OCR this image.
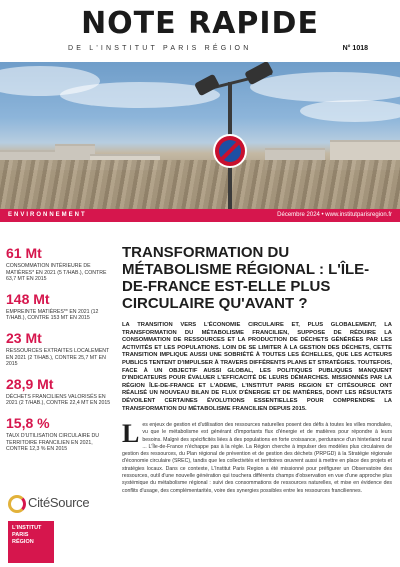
NOTE RAPIDE
DE L'INSTITUT PARIS RÉGION	N° 1018
ENVIRONNEMENT	Décembre 2024 • www.institutparisregion.fr
61 Mt
CONSOMMATION INTÉRIEURE DE MATIÈRES* EN 2021 (5 T/HAB.), CONTRE 63,7 MT EN 2015
148 Mt
EMPREINTE MATIÈRES** EN 2021 (12 T/HAB.), CONTRE 153 MT EN 2015
23 Mt
RESSOURCES EXTRAITES LOCALEMENT EN 2021 (2 T/HAB.), CONTRE 25,7 MT EN 2015
28,9 Mt
DÉCHETS FRANCILIENS VALORISÉS EN 2021 (2 T/HAB.), CONTRE 22,4 MT EN 2015
15,8 %
TAUX D'UTILISATION CIRCULAIRE DU TERRITOIRE FRANCILIEN EN 2021, CONTRE 12,3 % EN 2015
CitéSource
L'INSTITUT
PARIS
RÉGION
TRANSFORMATION DU MÉTABOLISME RÉGIONAL : L'ÎLE-DE-FRANCE EST-ELLE PLUS CIRCULAIRE QU'AVANT ?

LA TRANSITION VERS L'ÉCONOMIE CIRCULAIRE ET, PLUS GLOBALEMENT, LA TRANSFORMATION DU MÉTABOLISME FRANCILIEN, SUPPOSE DE RÉDUIRE LA CONSOMMATION DE RESSOURCES ET LA PRODUCTION DE DÉCHETS GÉNÉRÉES PAR LES ACTIVITÉS ET LES POPULATIONS. LOIN DE SE LIMITER À LA GESTION DES DÉCHETS, CETTE TRANSITION IMPLIQUE AUSSI UNE SOBRIÉTÉ À TOUTES LES ÉCHELLES, QUE LES ACTEURS PUBLICS TENTENT D'IMPULSER À TRAVERS DIFFÉRENTS PLANS ET STRATÉGIES. TOUTEFOIS, FACE À UN OBJECTIF AUSSI GLOBAL, LES POLITIQUES PUBLIQUES MANQUENT D'INDICATEURS POUR ÉVALUER L'EFFICACITÉ DE LEURS DÉMARCHES. MISSIONNÉS PAR LA RÉGION ÎLE-DE-FRANCE ET L'ADEME, L'INSTITUT PARIS REGION ET CITÉSOURCE ONT RÉALISÉ UN NOUVEAU BILAN DE FLUX D'ÉNERGIE ET DE MATIÈRES, DONT LES RÉSULTATS DÉVOILENT CERTAINES ÉVOLUTIONS ESSENTIELLES POUR COMPRENDRE LA TRANSFORMATION DU MÉTABOLISME FRANCILIEN DEPUIS 2015.

L es enjeux de gestion et d'utilisation des ressources naturelles posent des défis à toutes les villes mondiales, vu que le métabolisme est générant d'importants flux d'énergie et de matières pour répondre à leurs besoins. Malgré des spécificités liées à des populations en forte croissance, perdurance d'un hinterland rural ... L'Île-de-France n'échappe pas à la règle. La Région cherche à impulser des modèles plus circulaires de gestion des ressources, du Plan régional de prévention et de gestion des déchets (PRPGD) à la Stratégie régionale d'économie circulaire (SREC), tandis que les collectivités et territoires œuvrent aussi à mettre en place des projets et stratégies locaux. Dans ce contexte, L'Institut Paris Region a été missionné pour préfigurer un Observatoire des ressources, outil d'une nouvelle génération qui touchera différents champs d'observation en vue d'une approche plus systémique du métabolisme régional : suivi des consommations de ressources naturelles, et mise en évidence des conflits d'usage, des complémentarités, voire des synergies possibles entre les ressources franciliennes.
